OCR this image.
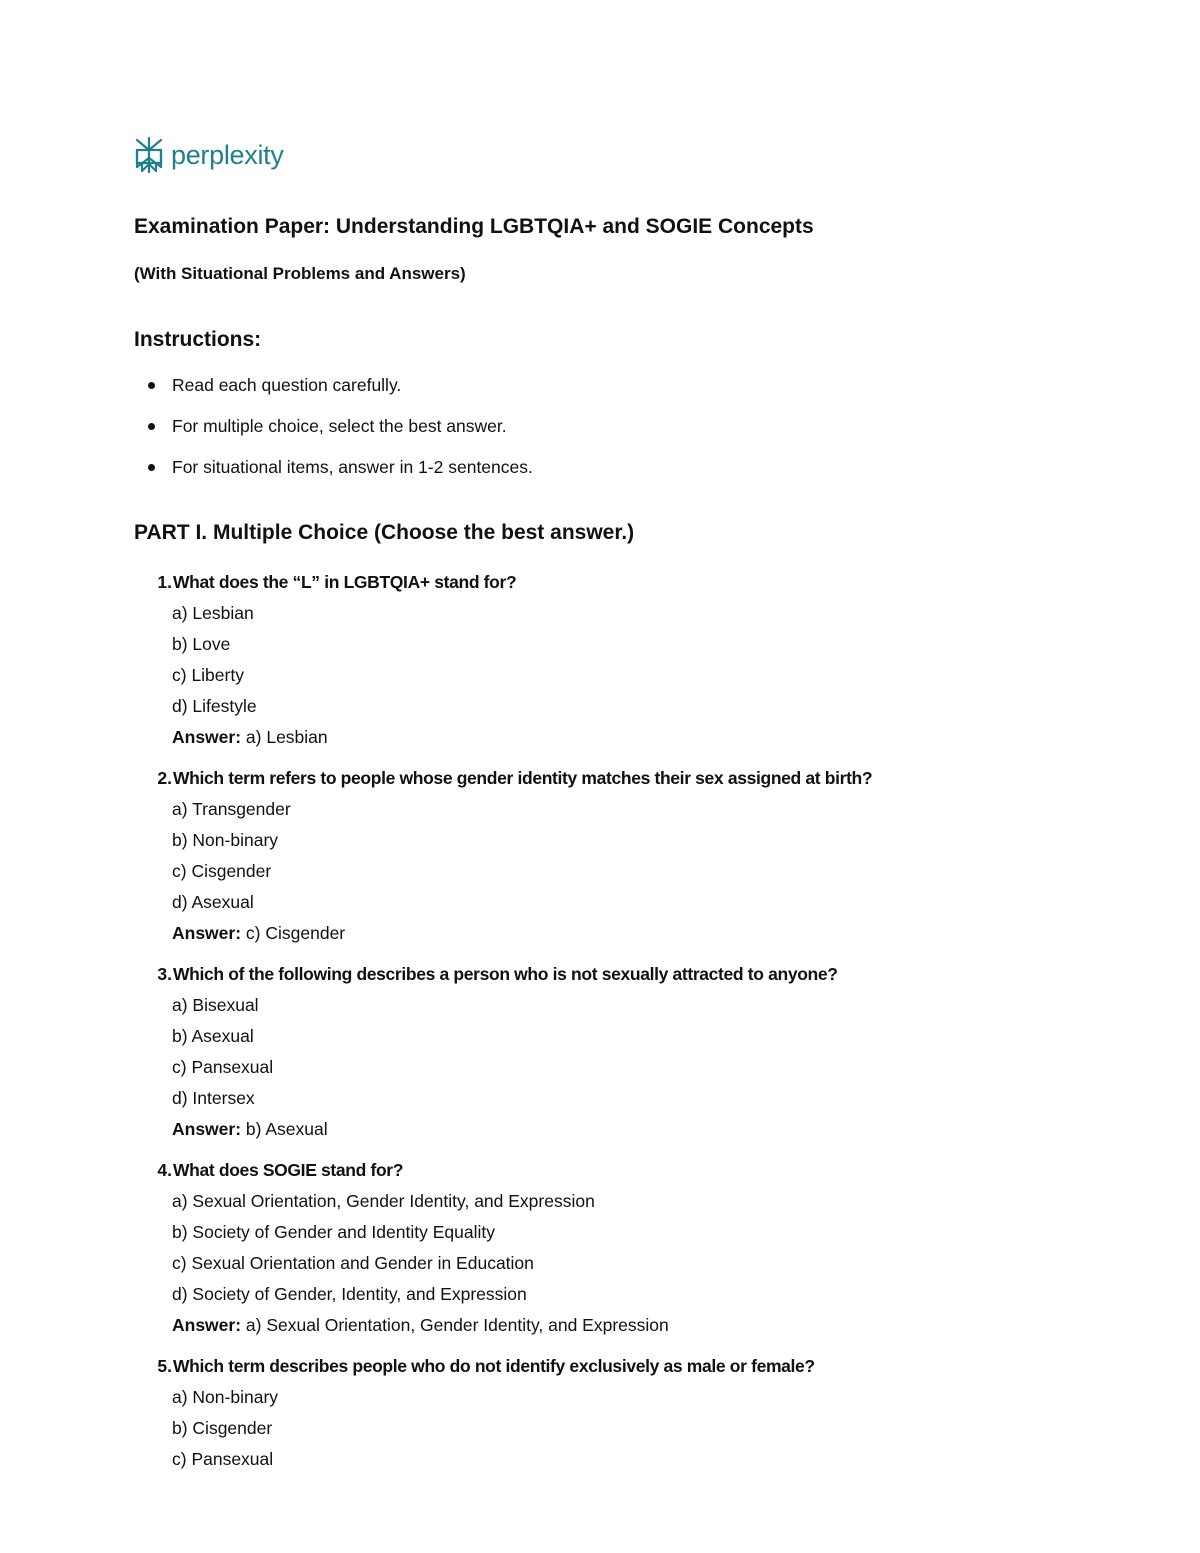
perplexity
Examination Paper: Understanding LGBTQIA+ and SOGIE Concepts
(With Situational Problems and Answers)
Instructions:
Read each question carefully.
For multiple choice, select the best answer.
For situational items, answer in 1-2 sentences.
PART I. Multiple Choice (Choose the best answer.)
1. What does the “L” in LGBTQIA+ stand for?
a) Lesbian
b) Love
c) Liberty
d) Lifestyle
Answer: a) Lesbian
2. Which term refers to people whose gender identity matches their sex assigned at birth?
a) Transgender
b) Non-binary
c) Cisgender
d) Asexual
Answer: c) Cisgender
3. Which of the following describes a person who is not sexually attracted to anyone?
a) Bisexual
b) Asexual
c) Pansexual
d) Intersex
Answer: b) Asexual
4. What does SOGIE stand for?
a) Sexual Orientation, Gender Identity, and Expression
b) Society of Gender and Identity Equality
c) Sexual Orientation and Gender in Education
d) Society of Gender, Identity, and Expression
Answer: a) Sexual Orientation, Gender Identity, and Expression
5. Which term describes people who do not identify exclusively as male or female?
a) Non-binary
b) Cisgender
c) Pansexual
